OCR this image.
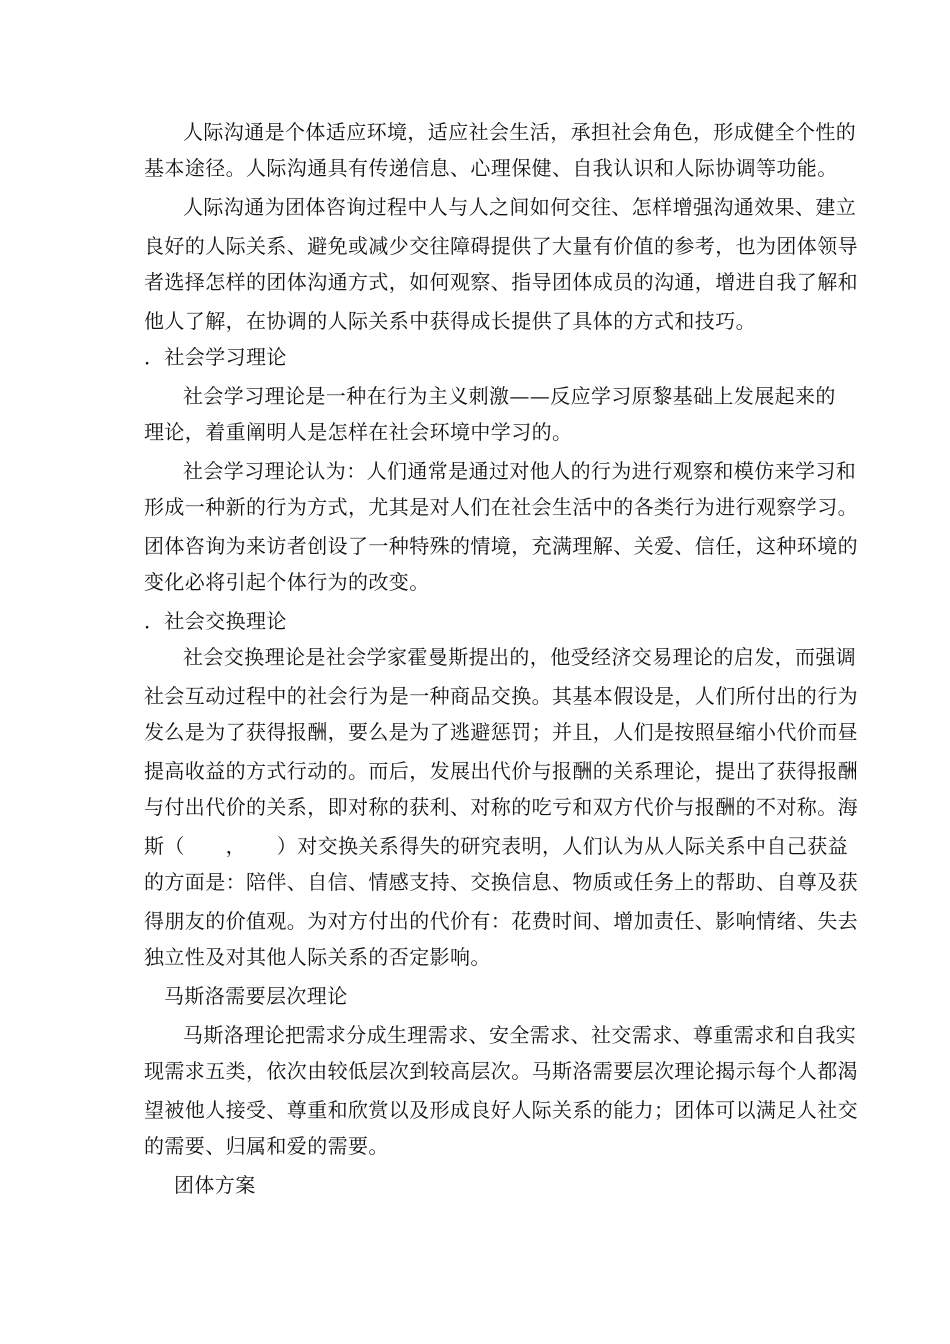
人际沟通是个体适应环境，适应社会生活，承担社会角色，形成健全个性的
基本途径。人际沟通具有传递信息、心理保健、自我认识和人际协调等功能。
人际沟通为团体咨询过程中人与人之间如何交往、怎样增强沟通效果、建立
良好的人际关系、避免或减少交往障碍提供了大量有价值的参考，也为团体领导
者选择怎样的团体沟通方式，如何观察、指导团体成员的沟通，增进自我了解和
他人了解，在协调的人际关系中获得成长提供了具体的方式和技巧。
．社会学习理论
社会学习理论是一种在行为主义刺激——反应学习原黎基础上发展起来的
理论，着重阐明人是怎样在社会环境中学习的。
社会学习理论认为：人们通常是通过对他人的行为进行观察和模仿来学习和
形成一种新的行为方式，尤其是对人们在社会生活中的各类行为进行观察学习。
团体咨询为来访者创设了一种特殊的情境，充满理解、关爱、信任，这种环境的
变化必将引起个体行为的改变。
．社会交换理论
社会交换理论是社会学家霍曼斯提出的，他受经济交易理论的启发，而强调
社会互动过程中的社会行为是一种商品交换。其基本假设是，人们所付出的行为
发么是为了获得报酬，要么是为了逃避惩罚；并且，人们是按照昼缩小代价而昼
提高收益的方式行动的。而后，发展出代价与报酬的关系理论，提出了获得报酬
与付出代价的关系，即对称的获利、对称的吃亏和双方代价与报酬的不对称。海
斯（　　，　　）对交换关系得失的研究表明，人们认为从人际关系中自己获益
的方面是：陪伴、自信、情感支持、交换信息、物质或任务上的帮助、自尊及获
得朋友的价值观。为对方付出的代价有：花费时间、增加责任、影响情绪、失去
独立性及对其他人际关系的否定影响。
马斯洛需要层次理论
马斯洛理论把需求分成生理需求、安全需求、社交需求、尊重需求和自我实
现需求五类，依次由较低层次到较高层次。马斯洛需要层次理论揭示每个人都渴
望被他人接受、尊重和欣赏以及形成良好人际关系的能力；团体可以满足人社交
的需要、归属和爱的需要。
团体方案
